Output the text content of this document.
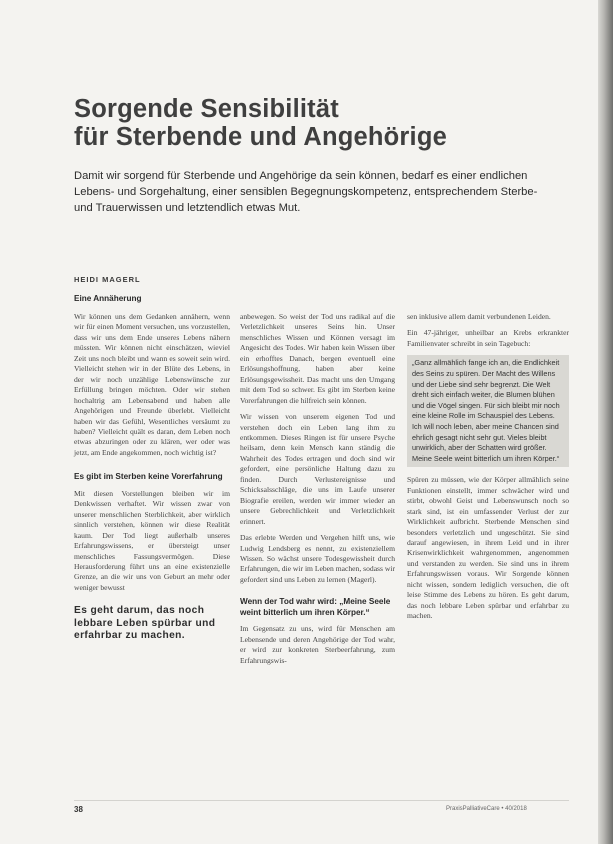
Sorgende Sensibilität
für Sterbende und Angehörige

Damit wir sorgend für Sterbende und Angehörige da sein können, bedarf es einer endlichen Lebens- und Sorgehaltung, einer sensiblen Begegnungskompetenz, entsprechendem Sterbe- und Trauerwissen und letztendlich etwas Mut.

HEIDI MAGERL

Eine Annäherung

Wir können uns dem Gedanken annähern, wenn wir für einen Moment versuchen, uns vorzustellen, dass wir uns dem Ende unseres Lebens nähern müssten. Wir können nicht einschätzen, wieviel Zeit uns noch bleibt und wann es soweit sein wird. Vielleicht stehen wir in der Blüte des Lebens, in der wir noch unzählige Lebenswünsche zur Erfüllung bringen möchten. Oder wir stehen hochaltrig am Lebensabend und haben alle Angehörigen und Freunde überlebt. Vielleicht haben wir das Gefühl, Wesentliches versäumt zu haben? Vielleicht quält es daran, dem Leben noch etwas abzuringen oder zu klären, wer oder was jetzt, am Ende angekommen, noch wichtig ist?

Es gibt im Sterben keine Vorerfahrung

Mit diesen Vorstellungen bleiben wir im Denkwissen verhaftet. Wir wissen zwar von unserer menschlichen Sterblichkeit, aber wirklich sinnlich verstehen, können wir diese Realität kaum. Der Tod liegt außerhalb unseres Erfahrungswissens, er übersteigt unser menschliches Fassungsvermögen. Diese Herausforderung führt uns an eine existenzielle Grenze, an die wir uns von Geburt an mehr oder weniger bewusst

Es geht darum, das noch lebbare Leben spürbar und erfahrbar zu machen.

anbewegen. So weist der Tod uns radikal auf die Verletzlichkeit unseres Seins hin. Unser menschliches Wissen und Können versagt im Angesicht des Todes. Wir haben kein Wissen über ein erhofftes Danach, bergen eventuell eine Erlösungshoffnung, haben aber keine Erlösungsgewissheit. Das macht uns den Umgang mit dem Tod so schwer. Es gibt im Sterben keine Vorerfahrungen die hilfreich sein können.

Wir wissen von unserem eigenen Tod und verstehen doch ein Leben lang ihm zu entkommen. Dieses Ringen ist für unsere Psyche heilsam, denn kein Mensch kann ständig die Wahrheit des Todes ertragen und doch sind wir gefordert, eine persönliche Haltung dazu zu finden. Durch Verlustereignisse und Schicksalsschläge, die uns im Laufe unserer Biografie ereilen, werden wir immer wieder an unsere Gebrechlichkeit und Verletzlichkeit erinnert.

Das erlebte Werden und Vergehen hilft uns, wie Ludwig Lendsberg es nennt, zu existenziellem Wissen. So wächst unsere Todesgewissheit durch Erfahrungen, die wir im Leben machen, sodass wir gefordert sind uns Leben zu lernen (Magerl).

Wenn der Tod wahr wird: „Meine Seele weint bitterlich um ihren Körper.“

Im Gegensatz zu uns, wird für Menschen am Lebensende und deren Angehörige der Tod wahr, er wird zur konkreten Sterbeerfahrung, zum Erfahrungswis-

sen inklusive allem damit verbundenen Leiden.

Ein 47-jähriger, unheilbar an Krebs erkrankter Familienvater schreibt in sein Tagebuch:

„Ganz allmählich fange ich an, die Endlichkeit des Seins zu spüren. Der Macht des Willens und der Liebe sind sehr begrenzt. Die Welt dreht sich einfach weiter, die Blumen blühen und die Vögel singen. Für sich bleibt mir noch eine kleine Rolle im Schauspiel des Lebens. Ich will noch leben, aber meine Chancen sind ehrlich gesagt nicht sehr gut. Vieles bleibt unwirklich, aber der Schatten wird größer. Meine Seele weint bitterlich um ihren Körper.“

Spüren zu müssen, wie der Körper allmählich seine Funktionen einstellt, immer schwächer wird und stirbt, obwohl Geist und Lebenswunsch noch so stark sind, ist ein umfassender Verlust der zur Wirklichkeit aufbricht. Sterbende Menschen sind besonders verletzlich und ungeschützt. Sie sind darauf angewiesen, in ihrem Leid und in ihrer Krisenwirklichkeit wahrgenommen, angenommen und verstanden zu werden. Sie sind uns in ihrem Erfahrungswissen voraus. Wir Sorgende können nicht wissen, sondern lediglich versuchen, die oft leise Stimme des Lebens zu hören. Es geht darum, das noch lebbare Leben spürbar und erfahrbar zu machen.

38	PraxisPalliativeCare • 40/2018
